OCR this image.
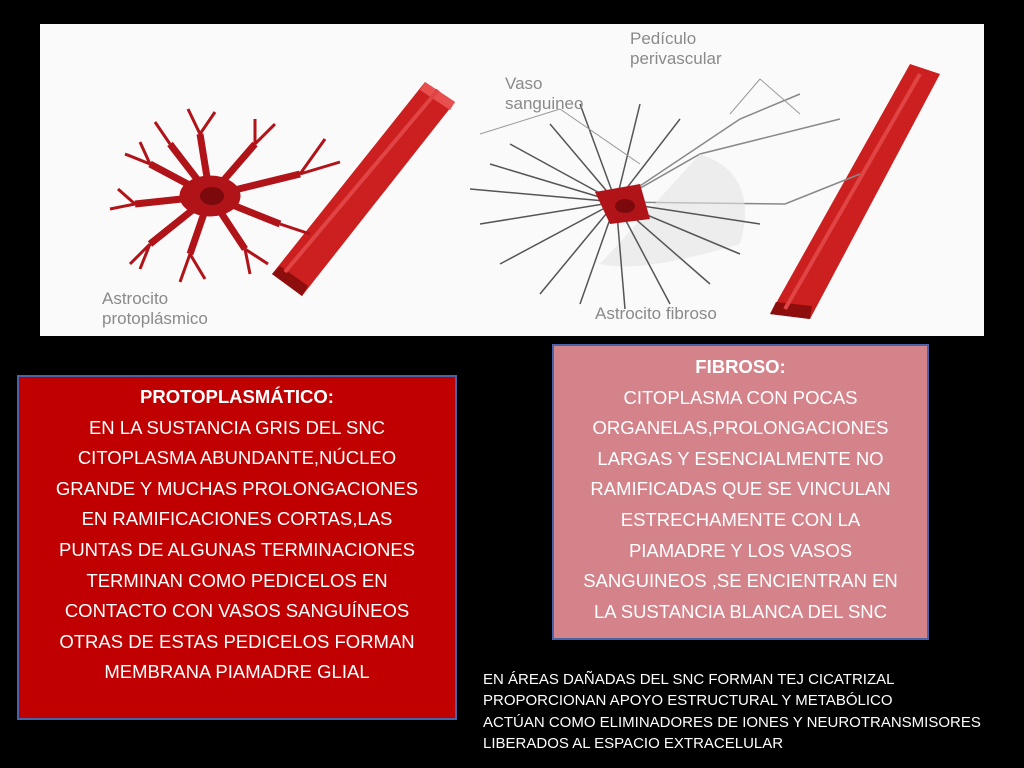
Astrocito
protoplásmico
Vaso
sanguineo
Pedículo
perivascular
Astrocito fibroso
PROTOPLASMÁTICO:
EN LA SUSTANCIA GRIS DEL SNC
CITOPLASMA ABUNDANTE,NÚCLEO
GRANDE Y MUCHAS PROLONGACIONES
EN RAMIFICACIONES CORTAS,LAS
PUNTAS DE ALGUNAS TERMINACIONES
TERMINAN COMO PEDICELOS EN
CONTACTO CON VASOS SANGUÍNEOS
OTRAS DE ESTAS PEDICELOS FORMAN
MEMBRANA PIAMADRE GLIAL
FIBROSO:
CITOPLASMA CON POCAS
ORGANELAS,PROLONGACIONES
LARGAS Y ESENCIALMENTE NO
RAMIFICADAS QUE SE VINCULAN
ESTRECHAMENTE CON LA
PIAMADRE Y LOS VASOS
SANGUINEOS ,SE ENCIENTRAN EN
LA SUSTANCIA BLANCA DEL SNC
EN ÁREAS DAÑADAS DEL SNC FORMAN TEJ CICATRIZAL
PROPORCIONAN APOYO ESTRUCTURAL Y METABÓLICO
ACTÚAN COMO ELIMINADORES DE IONES Y NEUROTRANSMISORES
LIBERADOS AL ESPACIO EXTRACELULAR
